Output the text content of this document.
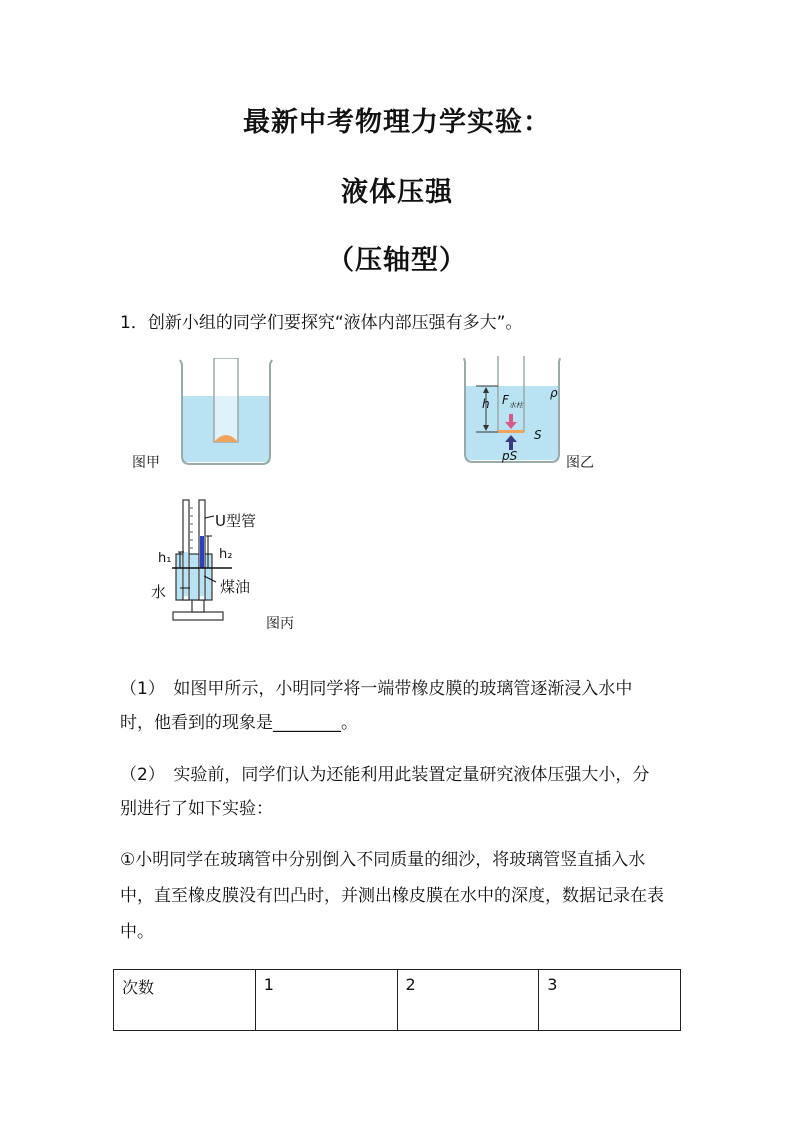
最新中考物理力学实验：
液体压强
（压轴型）
1．创新小组的同学们要探究“液体内部压强有多大”。
图甲
h $F_{水柱}$
S
pS
ρ
图乙
U型管
h₁	h₂
水	煤油
图丙
（1）　如图甲所示，小明同学将一端带橡皮膜的玻璃管逐渐浸入水中时，他看到的现象是________。
（2）　实验前，同学们认为还能利用此装置定量研究液体压强大小，分别进行了如下实验：
①小明同学在玻璃管中分别倒入不同质量的细沙，将玻璃管竖直插入水中，直至橡皮膜没有凹凸时，并测出橡皮膜在水中的深度，数据记录在表中。
次数	1	2	3
